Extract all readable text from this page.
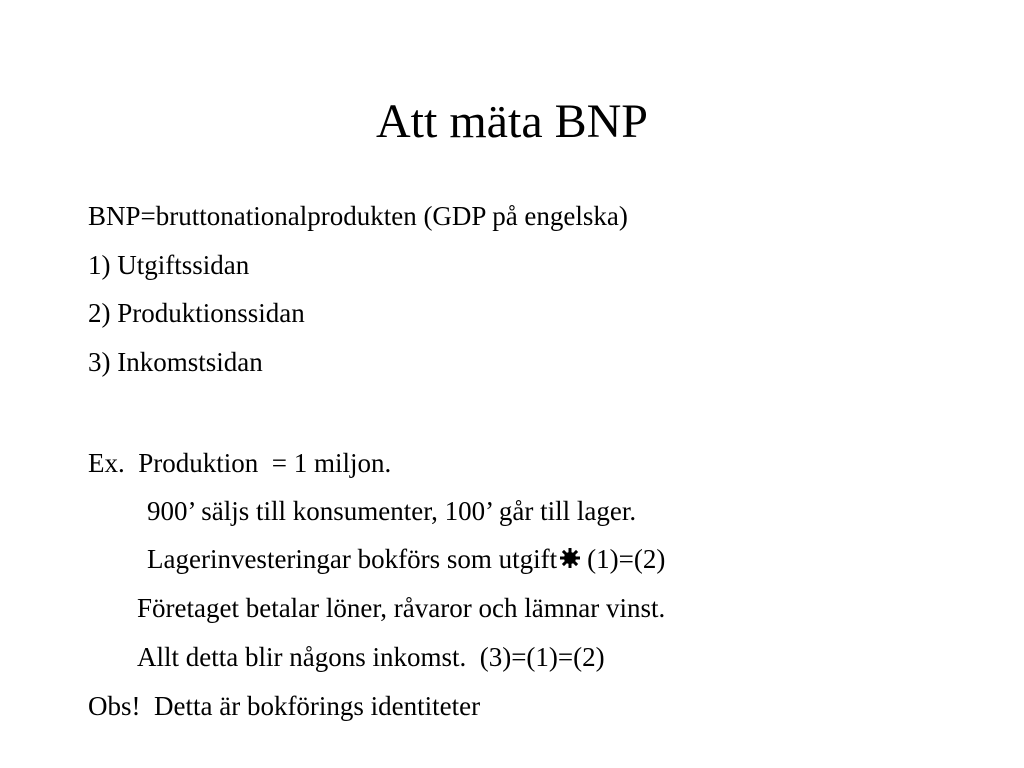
Att mäta BNP
BNP=bruttonationalprodukten (GDP på engelska)
1) Utgiftssidan
2) Produktionssidan
3) Inkomstsidan
Ex.  Produktion  = 1 miljon.
900’ säljs till konsumenter, 100’ går till lager.
Lagerinvesteringar bokförs som utgift (1)=(2)
Företaget betalar löner, råvaror och lämnar vinst.
Allt detta blir någons inkomst.  (3)=(1)=(2)
Obs!  Detta är bokförings identiteter
